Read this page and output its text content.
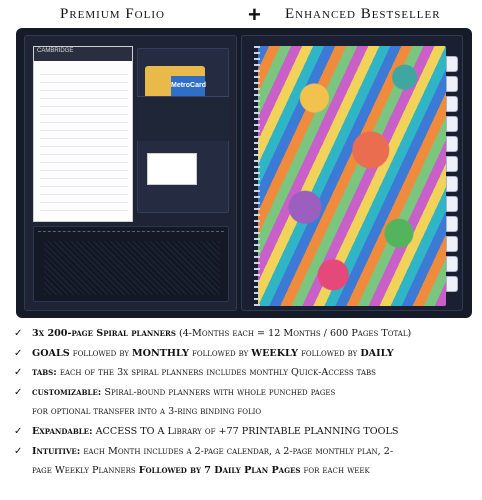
Premium Folio	+ Enhanced Bestseller
CAMBRIDGE
MetroCard
✓ 3x 200-page Spiral planners (4-Months each = 12 Months / 600 Pages Total)
✓ GOALS followed by MONTHLY followed by WEEKLY followed by DAILY
✓ tabs: each of the 3x spiral planners includes monthly Quick-Access tabs
✓ customizable: Spiral-bound planners with whole punched pages
for optional transfer into a 3-ring binding folio
✓ Expandable: ACCESS TO A Library of +77 PRINTABLE PLANNING TOOLS
✓ Intuitive: each Month includes a 2-page calendar, a 2-page monthly plan, 2-
page Weekly Planners Followed by 7 Daily Plan Pages for each week
